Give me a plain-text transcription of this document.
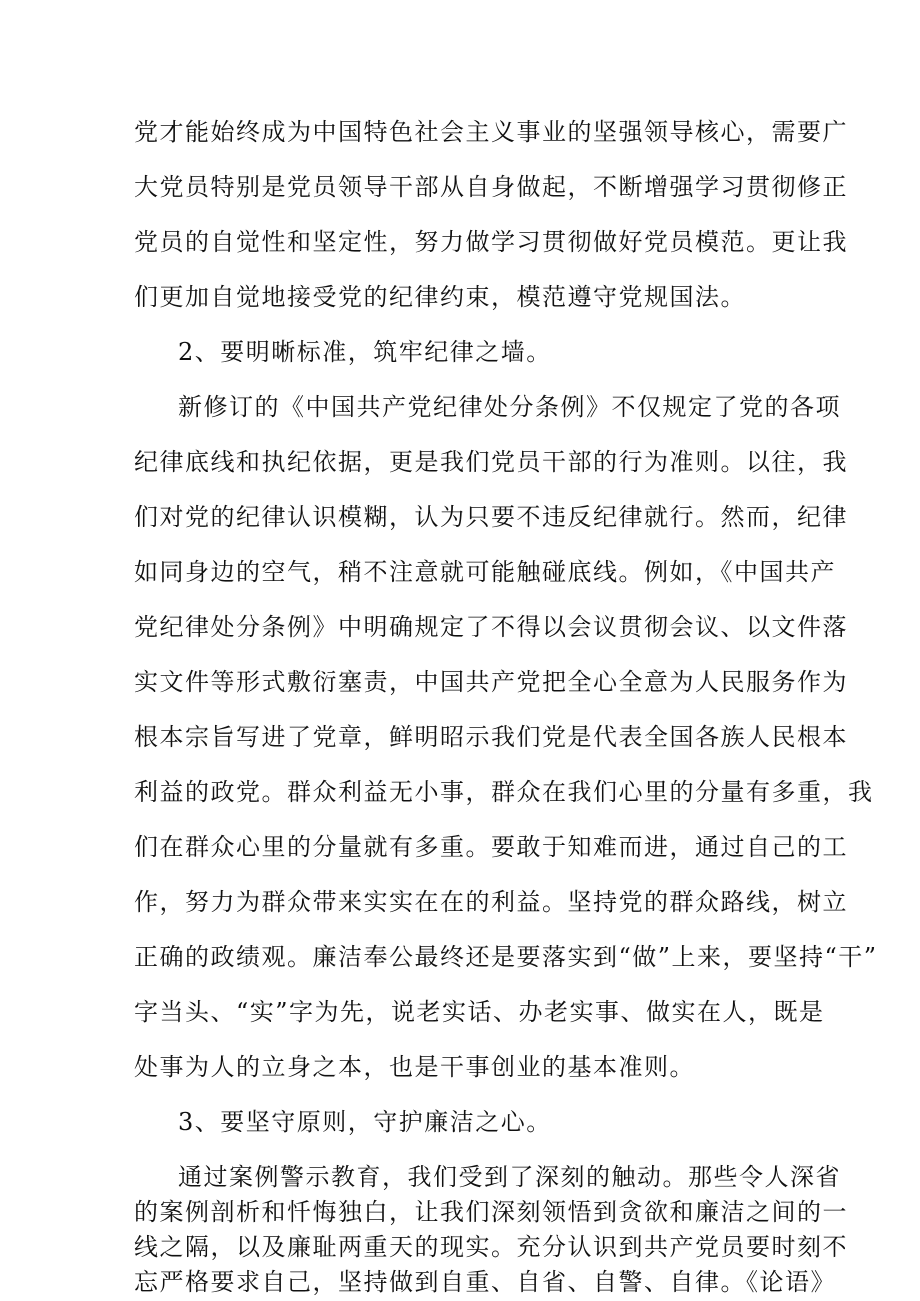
党才能始终成为中国特色社会主义事业的坚强领导核心，需要广
大党员特别是党员领导干部从自身做起，不断增强学习贯彻修正
党员的自觉性和坚定性，努力做学习贯彻做好党员模范。更让我
们更加自觉地接受党的纪律约束，模范遵守党规国法。
2、要明晰标准，筑牢纪律之墙。
新修订的《中国共产党纪律处分条例》不仅规定了党的各项
纪律底线和执纪依据，更是我们党员干部的行为准则。以往，我
们对党的纪律认识模糊，认为只要不违反纪律就行。然而，纪律
如同身边的空气，稍不注意就可能触碰底线。例如，《中国共产
党纪律处分条例》中明确规定了不得以会议贯彻会议、以文件落
实文件等形式敷衍塞责，中国共产党把全心全意为人民服务作为
根本宗旨写进了党章，鲜明昭示我们党是代表全国各族人民根本
利益的政党。群众利益无小事，群众在我们心里的分量有多重，我
们在群众心里的分量就有多重。要敢于知难而进，通过自己的工
作，努力为群众带来实实在在的利益。坚持党的群众路线，树立
正确的政绩观。廉洁奉公最终还是要落实到“做”上来，要坚持“干”
字当头、“实”字为先，说老实话、办老实事、做实在人，既是
处事为人的立身之本，也是干事创业的基本准则。
3、要坚守原则，守护廉洁之心。
通过案例警示教育，我们受到了深刻的触动。那些令人深省
的案例剖析和忏悔独白，让我们深刻领悟到贪欲和廉洁之间的一
线之隔，以及廉耻两重天的现实。充分认识到共产党员要时刻不
忘严格要求自己，坚持做到自重、自省、自警、自律。《论语》
